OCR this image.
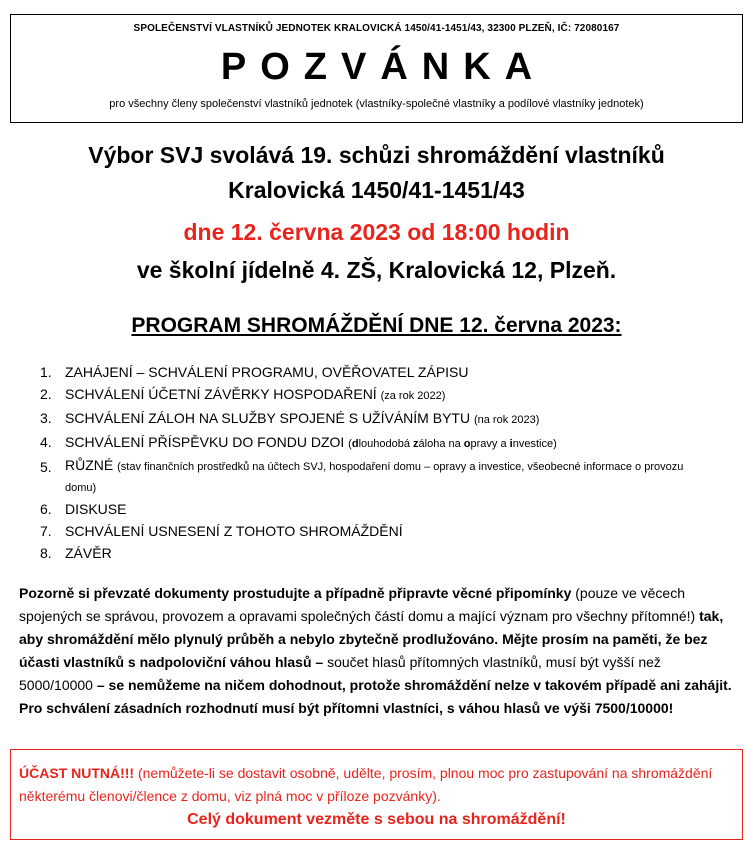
SPOLEČENSTVÍ VLASTNÍKŮ JEDNOTEK KRALOVICKÁ 1450/41-1451/43, 32300 PLZEŇ, IČ: 72080167
POZVÁNKA
pro všechny členy společenství vlastníků jednotek (vlastníky-společné vlastníky a podílové vlastníky jednotek)
Výbor SVJ svolává 19. schůzi shromáždění vlastníků
Kralovická 1450/41-1451/43
dne 12. června 2023 od 18:00 hodin
ve školní jídelně 4. ZŠ, Kralovická 12, Plzeň.
PROGRAM SHROMÁŽDĚNÍ DNE 12. června 2023:
1. ZAHÁJENÍ – SCHVÁLENÍ PROGRAMU, OVĚŘOVATEL ZÁPISU
2. SCHVÁLENÍ ÚČETNÍ ZÁVĚRKY HOSPODAŘENÍ (za rok 2022)
3. SCHVÁLENÍ ZÁLOH NA SLUŽBY SPOJENÉ S UŽÍVÁNÍM BYTU (na rok 2023)
4. SCHVÁLENÍ PŘÍSPĚVKU DO FONDU DZOI (dlouhodobá záloha na opravy a investice)
5. RŮZNÉ (stav finančních prostředků na účtech SVJ, hospodaření domu – opravy a investice, všeobecné informace o provozu domu)
6. DISKUSE
7. SCHVÁLENÍ USNESENÍ Z TOHOTO SHROMÁŽDĚNÍ
8. ZÁVĚR
Pozorně si převzaté dokumenty prostudujte a případně připravte věcné připomínky (pouze ve věcech spojených se správou, provozem a opravami společných částí domu a mající význam pro všechny přítomné!) tak, aby shromáždění mělo plynulý průběh a nebylo zbytečně prodlužováno. Mějte prosím na paměti, že bez účasti vlastníků s nadpoloviční váhou hlasů – součet hlasů přítomných vlastníků, musí být vyšší než 5000/10000 – se nemůžeme na ničem dohodnout, protože shromáždění nelze v takovém případě ani zahájit. Pro schválení zásadních rozhodnutí musí být přítomni vlastníci, s váhou hlasů ve výši 7500/10000!
ÚČAST NUTNÁ!!! (nemůžete-li se dostavit osobně, udělte, prosím, plnou moc pro zastupování na shromáždění některému členovi/člence z domu, viz plná moc v příloze pozvánky).
Celý dokument vezměte s sebou na shromáždění!
